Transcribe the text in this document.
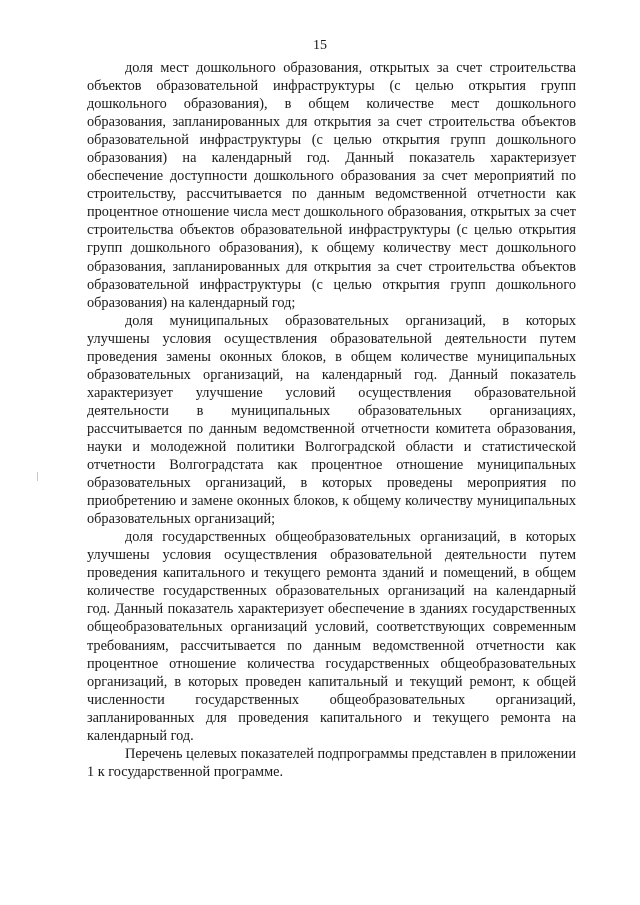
15

доля мест дошкольного образования, открытых за счет строительства объектов образовательной инфраструктуры (с целью открытия групп дошкольного образования), в общем количестве мест дошкольного образования, запланированных для открытия за счет строительства объектов образовательной инфраструктуры (с целью открытия групп дошкольного образования) на календарный год. Данный показатель характеризует обеспечение доступности дошкольного образования за счет мероприятий по строительству, рассчитывается по данным ведомственной отчетности как процентное отношение числа мест дошкольного образования, открытых за счет строительства объектов образовательной инфраструктуры (с целью открытия групп дошкольного образования), к общему количеству мест дошкольного образования, запланированных для открытия за счет строительства объектов образовательной инфраструктуры (с целью открытия групп дошкольного образования) на календарный год;

доля муниципальных образовательных организаций, в которых улучшены условия осуществления образовательной деятельности путем проведения замены оконных блоков, в общем количестве муниципальных образовательных организаций, на календарный год. Данный показатель характеризует улучшение условий осуществления образовательной деятельности в муниципальных образовательных организациях, рассчитывается по данным ведомственной отчетности комитета образования, науки и молодежной политики Волгоградской области и статистической отчетности Волгоградстата как процентное отношение муниципальных образовательных организаций, в которых проведены мероприятия по приобретению и замене оконных блоков, к общему количеству муниципальных образовательных организаций;

доля государственных общеобразовательных организаций, в которых улучшены условия осуществления образовательной деятельности путем проведения капитального и текущего ремонта зданий и помещений, в общем количестве государственных образовательных организаций на календарный год. Данный показатель характеризует обеспечение в зданиях государственных общеобразовательных организаций условий, соответствующих современным требованиям, рассчитывается по данным ведомственной отчетности как процентное отношение количества государственных общеобразовательных организаций, в которых проведен капитальный и текущий ремонт, к общей численности государственных общеобразовательных организаций, запланированных для проведения капитального и текущего ремонта на календарный год.

Перечень целевых показателей подпрограммы представлен в приложении 1 к государственной программе.
